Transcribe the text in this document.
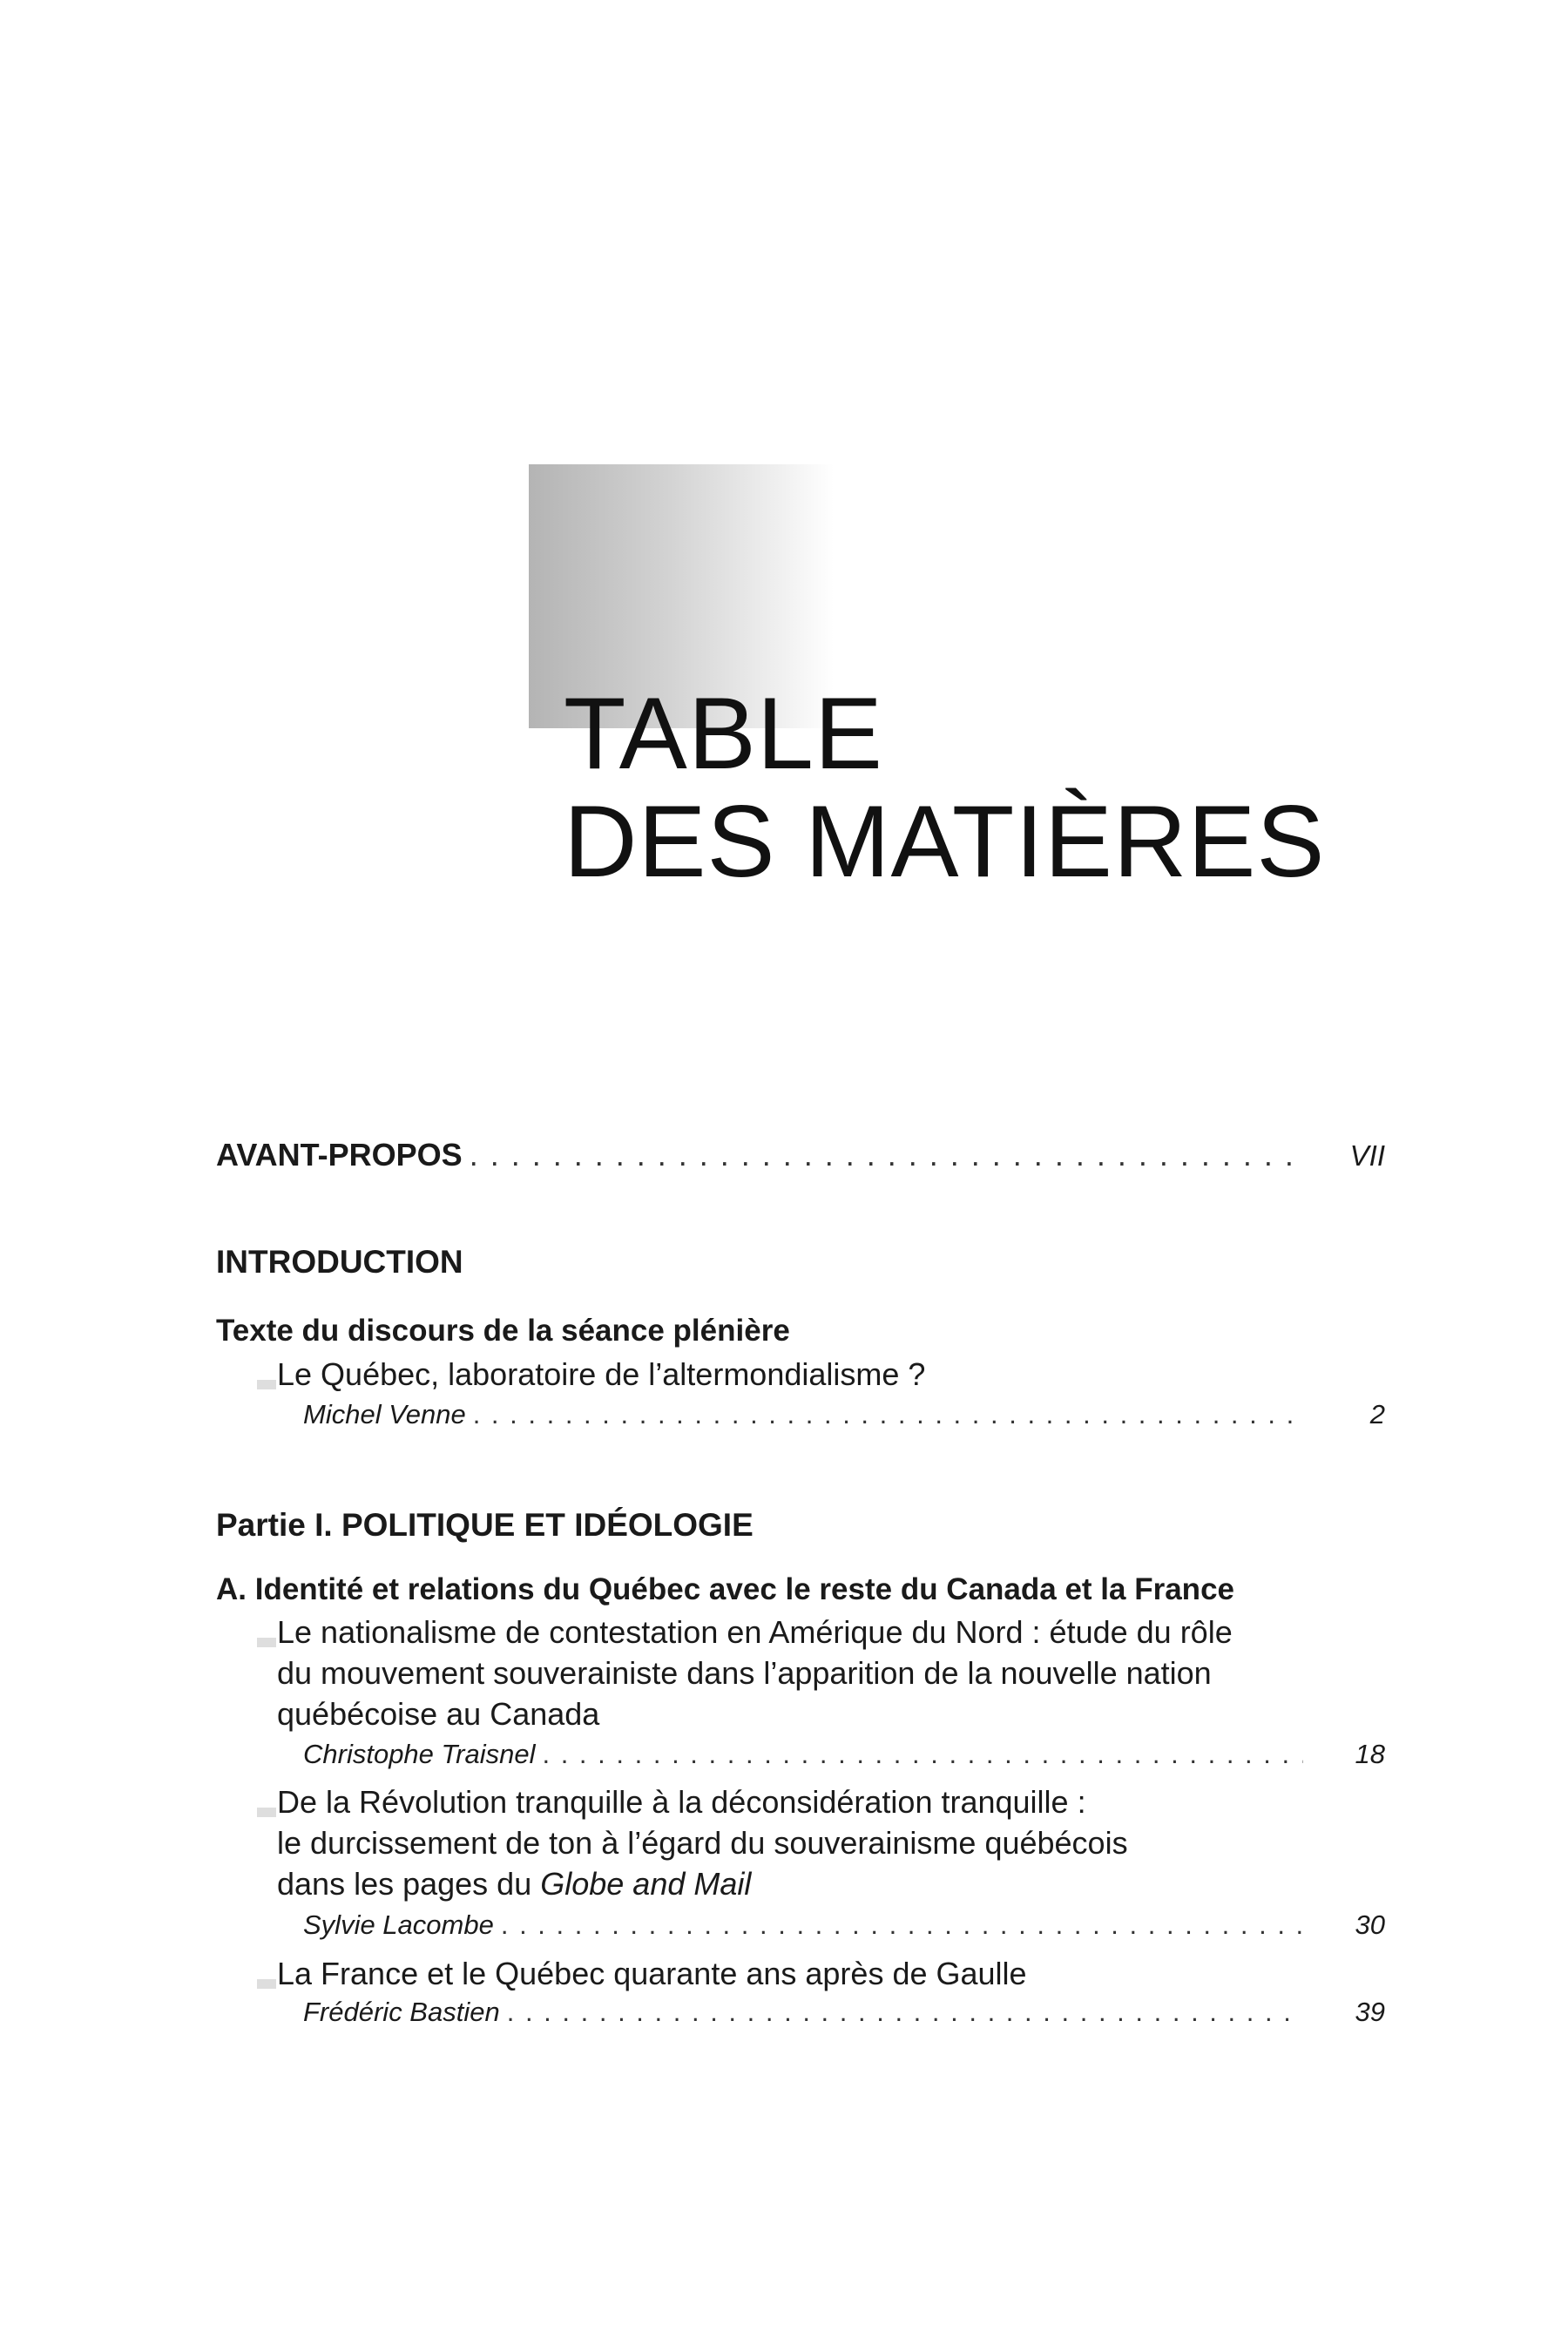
TABLE
DES MATIÈRES
AVANT-PROPOS . . .	VII
INTRODUCTION
Texte du discours de la séance plénière
Le Québec, laboratoire de l’altermondialisme ?
Michel Venne . . .	2
Partie I. POLITIQUE ET IDÉOLOGIE
A. Identité et relations du Québec avec le reste du Canada et la France
Le nationalisme de contestation en Amérique du Nord : étude du rôle
du mouvement souverainiste dans l’apparition de la nouvelle nation
québécoise au Canada
Christophe Traisnel . . .	18
De la Révolution tranquille à la déconsidération tranquille :
le durcissement de ton à l’égard du souverainisme québécois
dans les pages du Globe and Mail
Sylvie Lacombe . . .	30
La France et le Québec quarante ans après de Gaulle
Frédéric Bastien . . .	39
